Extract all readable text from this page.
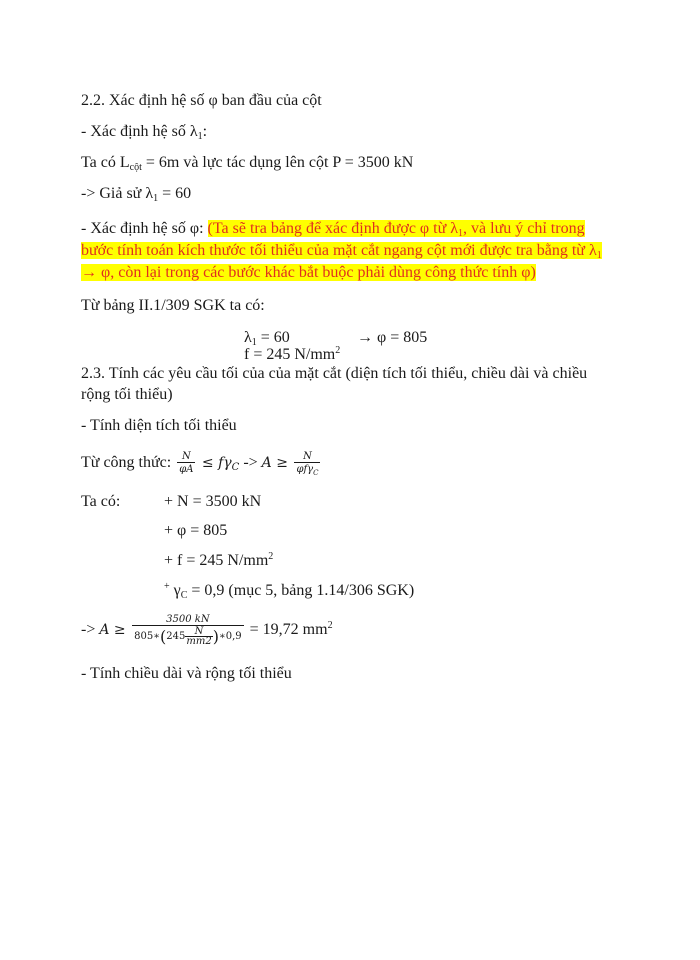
2.2. Xác định hệ số φ ban đầu của cột
- Xác định hệ số $\lambda_1$:
Ta có $L_{cột} = 6m$ và lực tác dụng lên cột P = 3500 kN
-> Giả sử $\lambda_1 = 60$
- Xác định hệ số φ: (Ta sẽ tra bảng để xác định được φ từ $\lambda_1$, và lưu ý chỉ trong
bước tính toán kích thước tối thiểu của mặt cắt ngang cột mới được tra bằng từ $\lambda_1$
→ φ, còn lại trong các bước khác bắt buộc phải dùng công thức tính φ)
Từ bảng II.1/309 SGK ta có:
$\lambda_1 = 60$	→ φ = 805
f = 245 $N/mm^2$
2.3. Tính các yêu cầu tối của của mặt cắt (diện tích tối thiểu, chiều dài và chiều
rộng tối thiểu)
- Tính diện tích tối thiểu
Từ công thức: $\frac{N}{\varphi A} \le f\gamma_C -> A \ge \frac{N}{\varphi f\gamma_C}$
Ta có:	+ N = 3500 kN
+ φ = 805
+ f = 245 $N/mm^2$
+ $\gamma_C = 0,9$ (mục 5, bảng 1.14/306 SGK)
-> $A \ge \frac{3500 kN}{805∗(245 \frac{N}{mm2} )∗0,9} = 19,72$ $mm^2$
- Tính chiều dài và rộng tối thiểu
